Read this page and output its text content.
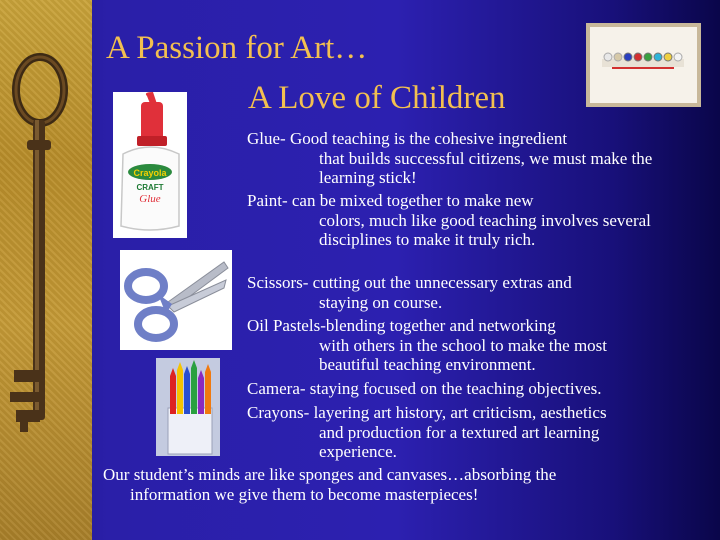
Crayola
CRAFT
Glue
A Passion for Art…
A Love of Children
Glue- Good teaching is the cohesive ingredient
that builds successful citizens, we must make the learning stick!
Paint- can be mixed together to make new
colors, much like good teaching involves several disciplines to make it truly rich.
Scissors- cutting out the unnecessary extras and
staying on course.
Oil Pastels-blending together and networking
with others in the school to make the most beautiful teaching environment.
Camera- staying focused on the teaching objectives.
Crayons- layering art history, art criticism, aesthetics
and production for a textured art learning experience.
Our student’s minds are like sponges and canvases…absorbing the
information we give them to become masterpieces!
